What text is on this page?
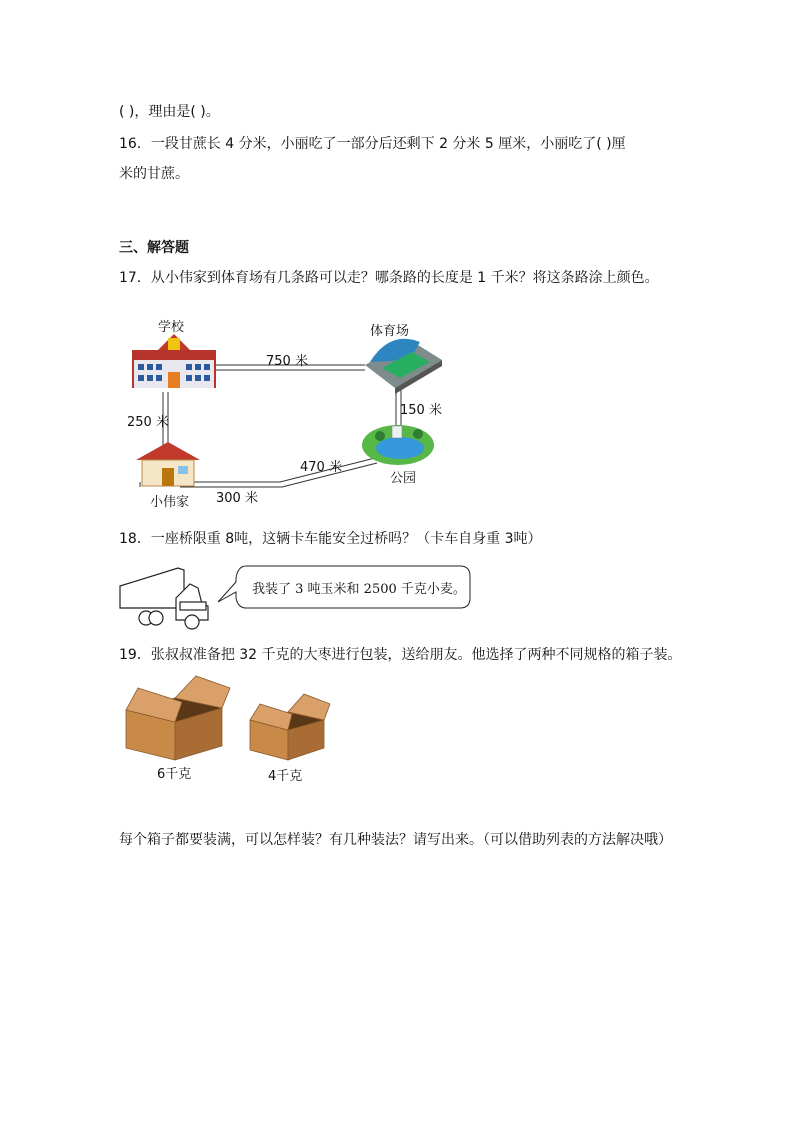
( )，理由是( )。
16．一段甘蔗长 4 分米，小丽吃了一部分后还剩下 2 分米 5 厘米，小丽吃了( )厘
米的甘蔗。
三、解答题
17．从小伟家到体育场有几条路可以走？哪条路的长度是 1 千米？将这条路涂上颜色。
学校	体育场
750 米
250 米
150 米
470 米
公园
小伟家 300 米
18．一座桥限重 8吨，这辆卡车能安全过桥吗？（卡车自身重 3吨）
我装了 3 吨玉米和 2500 千克小麦。
19．张叔叔准备把 32 千克的大枣进行包装，送给朋友。他选择了两种不同规格的箱子装。
6千克	4千克
每个箱子都要装满，可以怎样装？有几种装法？请写出来。（可以借助列表的方法解决哦）
